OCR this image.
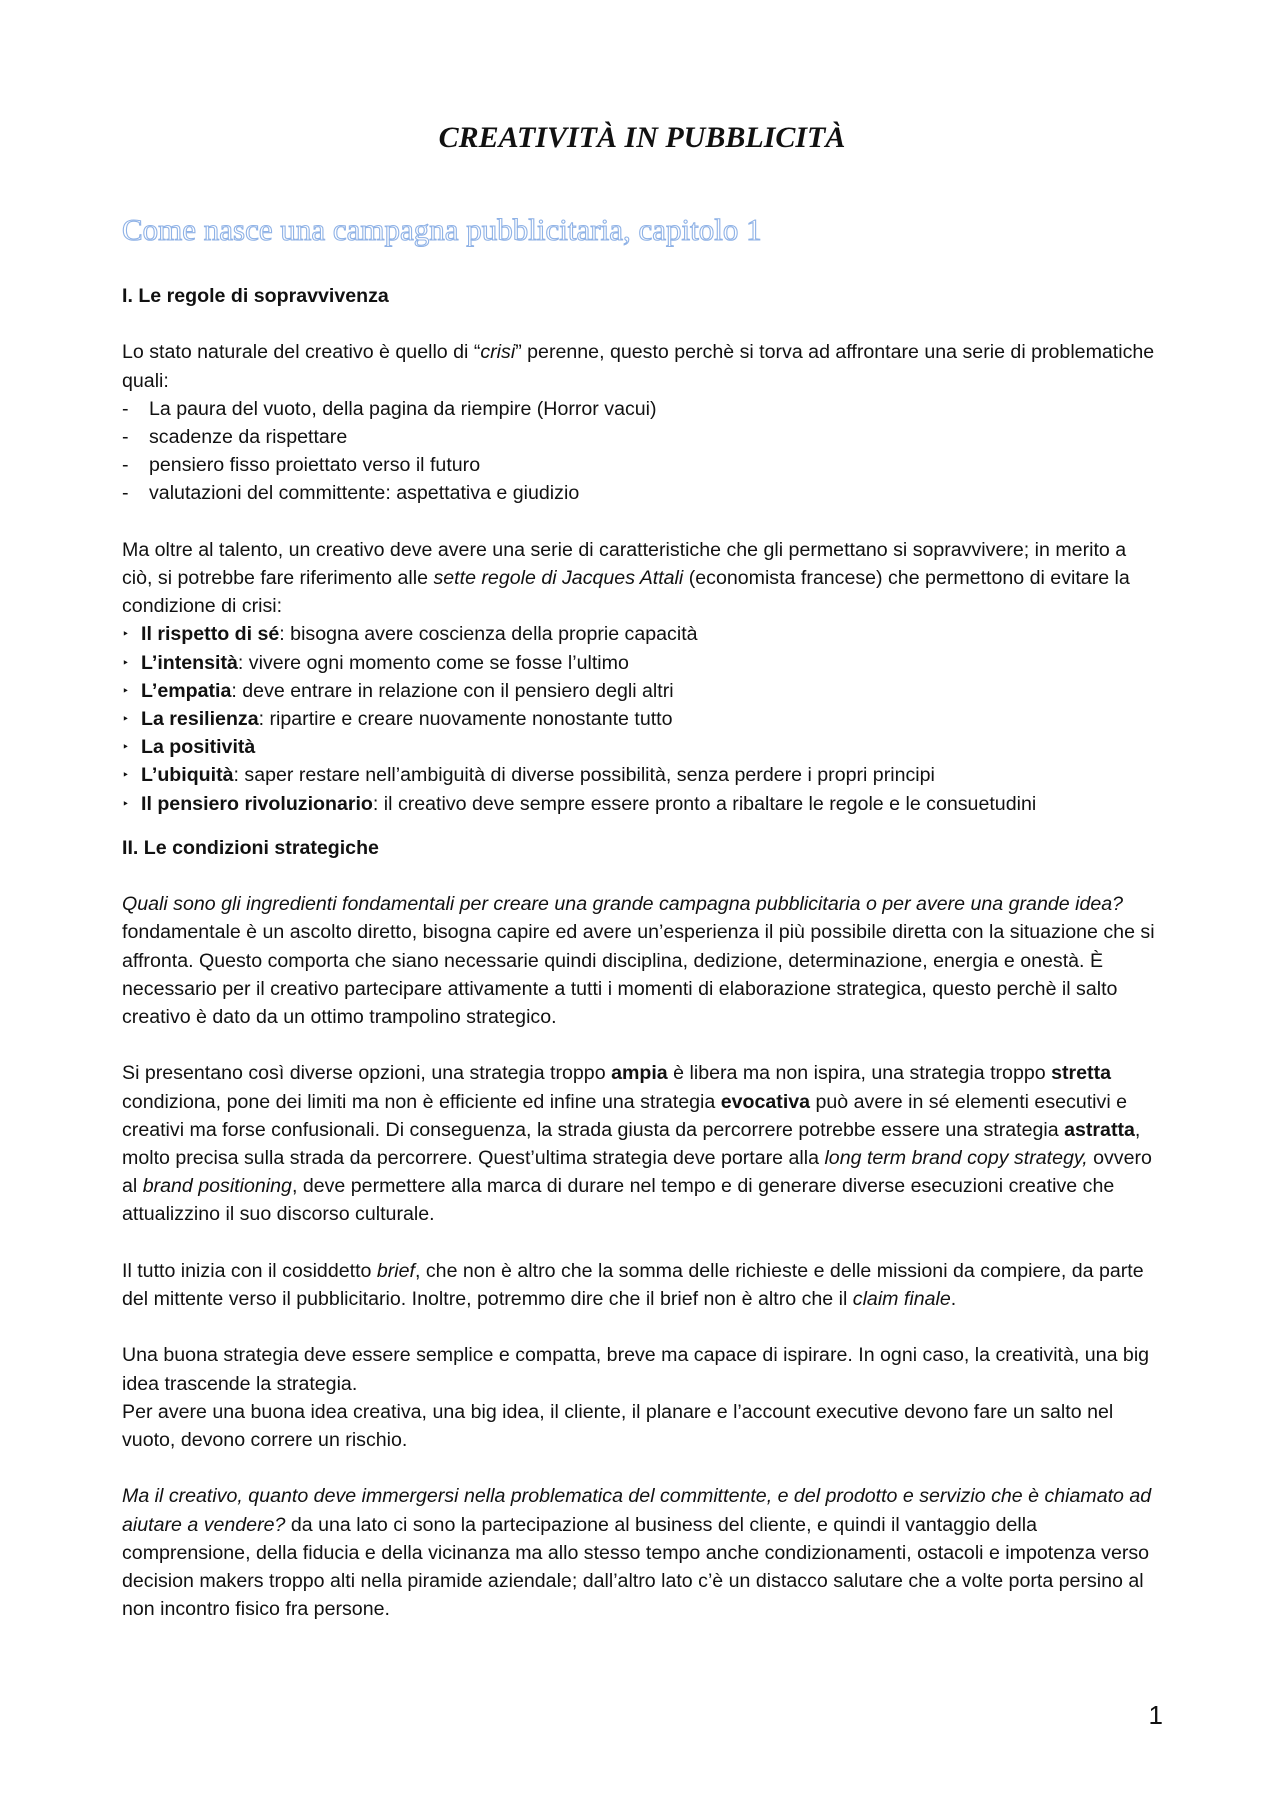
CREATIVITÀ IN PUBBLICITÀ
Come nasce una campagna pubblicitaria, capitolo 1

I. Le regole di sopravvivenza

Lo stato naturale del creativo è quello di “crisi” perenne, questo perchè si torva ad affrontare una serie di problematiche quali:

- La paura del vuoto, della pagina da riempire (Horror vacui)
- scadenze da rispettare
- pensiero fisso proiettato verso il futuro
- valutazioni del committente: aspettativa e giudizio

Ma oltre al talento, un creativo deve avere una serie di caratteristiche che gli permettano si sopravvivere; in merito a ciò, si potrebbe fare riferimento alle sette regole di Jacques Attali (economista francese) che permettono di evitare la condizione di crisi:

‣ Il rispetto di sé: bisogna avere coscienza della proprie capacità
‣ L’intensità: vivere ogni momento come se fosse l’ultimo
‣ L’empatia: deve entrare in relazione con il pensiero degli altri
‣ La resilienza: ripartire e creare nuovamente nonostante tutto
‣ La positività
‣ L’ubiquità: saper restare nell’ambiguità di diverse possibilità, senza perdere i propri principi
‣ Il pensiero rivoluzionario: il creativo deve sempre essere pronto a ribaltare le regole e le consuetudini

II. Le condizioni strategiche

Quali sono gli ingredienti fondamentali per creare una grande campagna pubblicitaria o per avere una grande idea? fondamentale è un ascolto diretto, bisogna capire ed avere un’esperienza il più possibile diretta con la situazione che si affronta. Questo comporta che siano necessarie quindi disciplina, dedizione, determinazione, energia e onestà. È necessario per il creativo partecipare attivamente a tutti i momenti di elaborazione strategica, questo perchè il salto creativo è dato da un ottimo trampolino strategico.

Si presentano così diverse opzioni, una strategia troppo ampia è libera ma non ispira, una strategia troppo stretta condiziona, pone dei limiti ma non è efficiente ed infine una strategia evocativa può avere in sé elementi esecutivi e creativi ma forse confusionali. Di conseguenza, la strada giusta da percorrere potrebbe essere una strategia astratta, molto precisa sulla strada da percorrere. Quest’ultima strategia deve portare alla long term brand copy strategy, ovvero al brand positioning, deve permettere alla marca di durare nel tempo e di generare diverse esecuzioni creative che attualizzino il suo discorso culturale.

Il tutto inizia con il cosiddetto brief, che non è altro che la somma delle richieste e delle missioni da compiere, da parte del mittente verso il pubblicitario. Inoltre, potremmo dire che il brief non è altro che il claim finale.

Una buona strategia deve essere semplice e compatta, breve ma capace di ispirare. In ogni caso, la creatività, una big idea trascende la strategia.

Per avere una buona idea creativa, una big idea, il cliente, il planare e l’account executive devono fare un salto nel vuoto, devono correre un rischio.

Ma il creativo, quanto deve immergersi nella problematica del committente, e del prodotto e servizio che è chiamato ad aiutare a vendere? da una lato ci sono la partecipazione al business del cliente, e quindi il vantaggio della comprensione, della fiducia e della vicinanza ma allo stesso tempo anche condizionamenti, ostacoli e impotenza verso decision makers troppo alti nella piramide aziendale; dall’altro lato c’è un distacco salutare che a volte porta persino al non incontro fisico fra persone.

1
